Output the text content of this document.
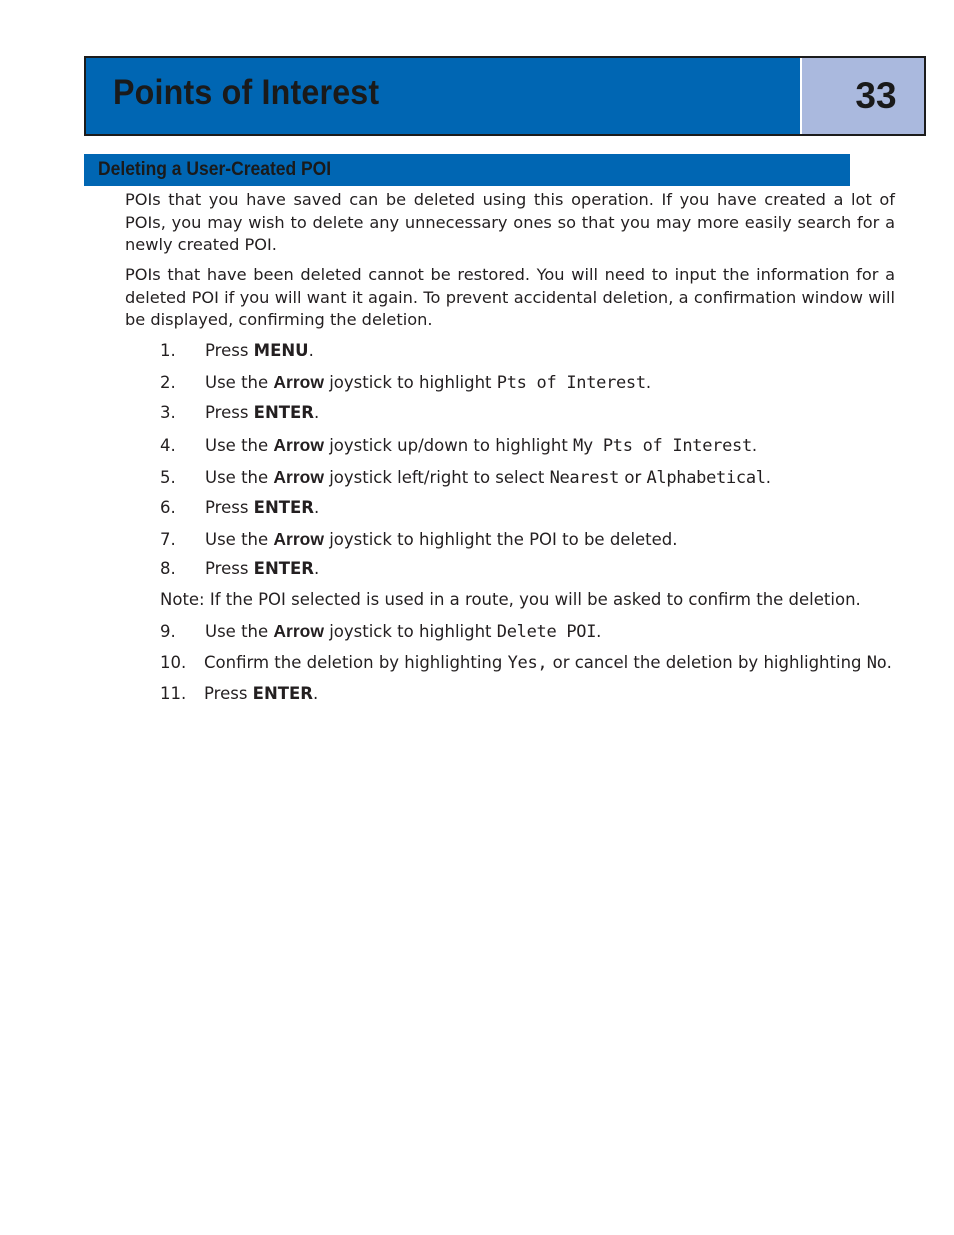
Points of Interest	33
Deleting a User-Created POI

POIs that you have saved can be deleted using this operation. If you have created a lot of POIs, you may wish to delete any unnecessary ones so that you may more easily search for a newly created POI.

POIs that have been deleted cannot be restored. You will need to input the information for a deleted POI if you will want it again. To prevent accidental deletion, a confirmation window will be displayed, confirming the deletion.

1. Press MENU.
2. Use the Arrow joystick to highlight Pts of Interest.
3. Press ENTER.
4. Use the Arrow joystick up/down to highlight My Pts of Interest.
5. Use the Arrow joystick left/right to select Nearest or Alphabetical.
6. Press ENTER.
7. Use the Arrow joystick to highlight the POI to be deleted.
8. Press ENTER.
Note: If the POI selected is used in a route, you will be asked to confirm the deletion.
9. Use the Arrow joystick to highlight Delete POI.
10. Confirm the deletion by highlighting Yes, or cancel the deletion by highlighting No.
11. Press ENTER.
